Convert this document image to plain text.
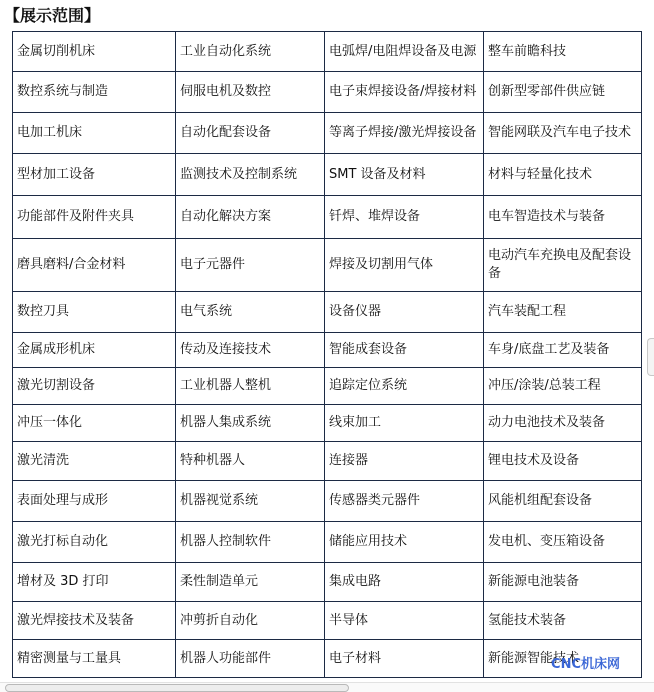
【展示范围】
金属切削机床	工业自动化系统	电弧焊/电阻焊设备及电源	整车前瞻科技
数控系统与制造	伺服电机及数控	电子束焊接设备/焊接材料	创新型零部件供应链
电加工机床	自动化配套设备	等离子焊接/激光焊接设备	智能网联及汽车电子技术
型材加工设备	监测技术及控制系统	SMT 设备及材料	材料与轻量化技术
功能部件及附件夹具	自动化解决方案	钎焊、堆焊设备	电车智造技术与装备
磨具磨料/合金材料	电子元器件	焊接及切割用气体	电动汽车充换电及配套设备
数控刀具	电气系统	设备仪器	汽车装配工程
金属成形机床	传动及连接技术	智能成套设备	车身/底盘工艺及装备
激光切割设备	工业机器人整机	追踪定位系统	冲压/涂装/总装工程
冲压一体化	机器人集成系统	线束加工	动力电池技术及装备
激光清洗	特种机器人	连接器	锂电技术及设备
表面处理与成形	机器视觉系统	传感器类元器件	风能机组配套设备
激光打标自动化	机器人控制软件	储能应用技术	发电机、变压箱设备
增材及 3D 打印	柔性制造单元	集成电路	新能源电池装备
激光焊接技术及装备	冲剪折自动化	半导体	氢能技术装备
精密测量与工量具	机器人功能部件	电子材料	新能源智能技术
CNC机床网
